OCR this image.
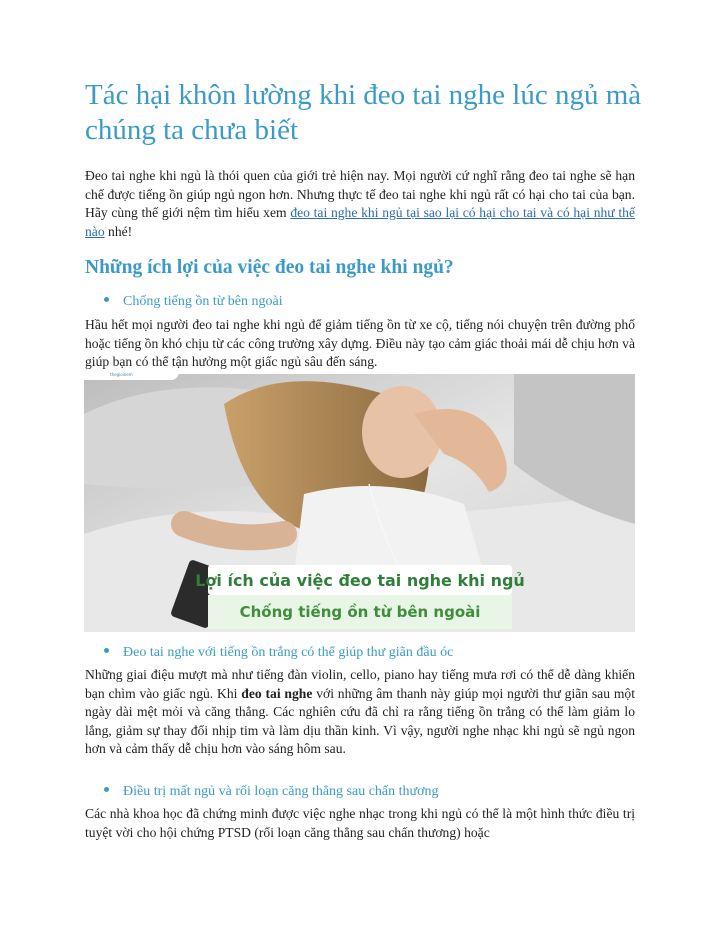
Tác hại khôn lường khi đeo tai nghe lúc ngủ mà chúng ta chưa biết

Đeo tai nghe khi ngủ là thói quen của giới trẻ hiện nay. Mọi người cứ nghĩ rằng đeo tai nghe sẽ hạn chế được tiếng ồn giúp ngủ ngon hơn. Nhưng thực tế đeo tai nghe khi ngủ rất có hại cho tai của bạn. Hãy cùng thế giới nệm tìm hiểu xem đeo tai nghe khi ngủ tại sao lại có hại cho tai và có hại như thế nào nhé!

Những ích lợi của việc đeo tai nghe khi ngủ?
Chống tiếng ồn từ bên ngoài

Hầu hết mọi người đeo tai nghe khi ngủ để giảm tiếng ồn từ xe cộ, tiếng nói chuyện trên đường phố hoặc tiếng ồn khó chịu từ các công trường xây dựng. Điều này tạo cảm giác thoải mái dễ chịu hơn và giúp bạn có thể tận hưởng một giấc ngủ sâu đến sáng.

thegioinem
Lợi ích của việc đeo tai nghe khi ngủ
Chống tiếng ồn từ bên ngoài
Đeo tai nghe với tiếng ồn trắng có thể giúp thư giãn đầu óc

Những giai điệu mượt mà như tiếng đàn violin, cello, piano hay tiếng mưa rơi có thể dễ dàng khiến bạn chìm vào giấc ngủ. Khi đeo tai nghe với những âm thanh này giúp mọi người thư giãn sau một ngày dài mệt mỏi và căng thẳng. Các nghiên cứu đã chỉ ra rằng tiếng ồn trắng có thể làm giảm lo lắng, giảm sự thay đổi nhịp tim và làm dịu thần kinh. Vì vậy, người nghe nhạc khi ngủ sẽ ngủ ngon hơn và cảm thấy dễ chịu hơn vào sáng hôm sau.

Điều trị mất ngủ và rối loạn căng thẳng sau chấn thương

Các nhà khoa học đã chứng minh được việc nghe nhạc trong khi ngủ có thể là một hình thức điều trị tuyệt vời cho hội chứng PTSD (rối loạn căng thẳng sau chấn thương) hoặc
